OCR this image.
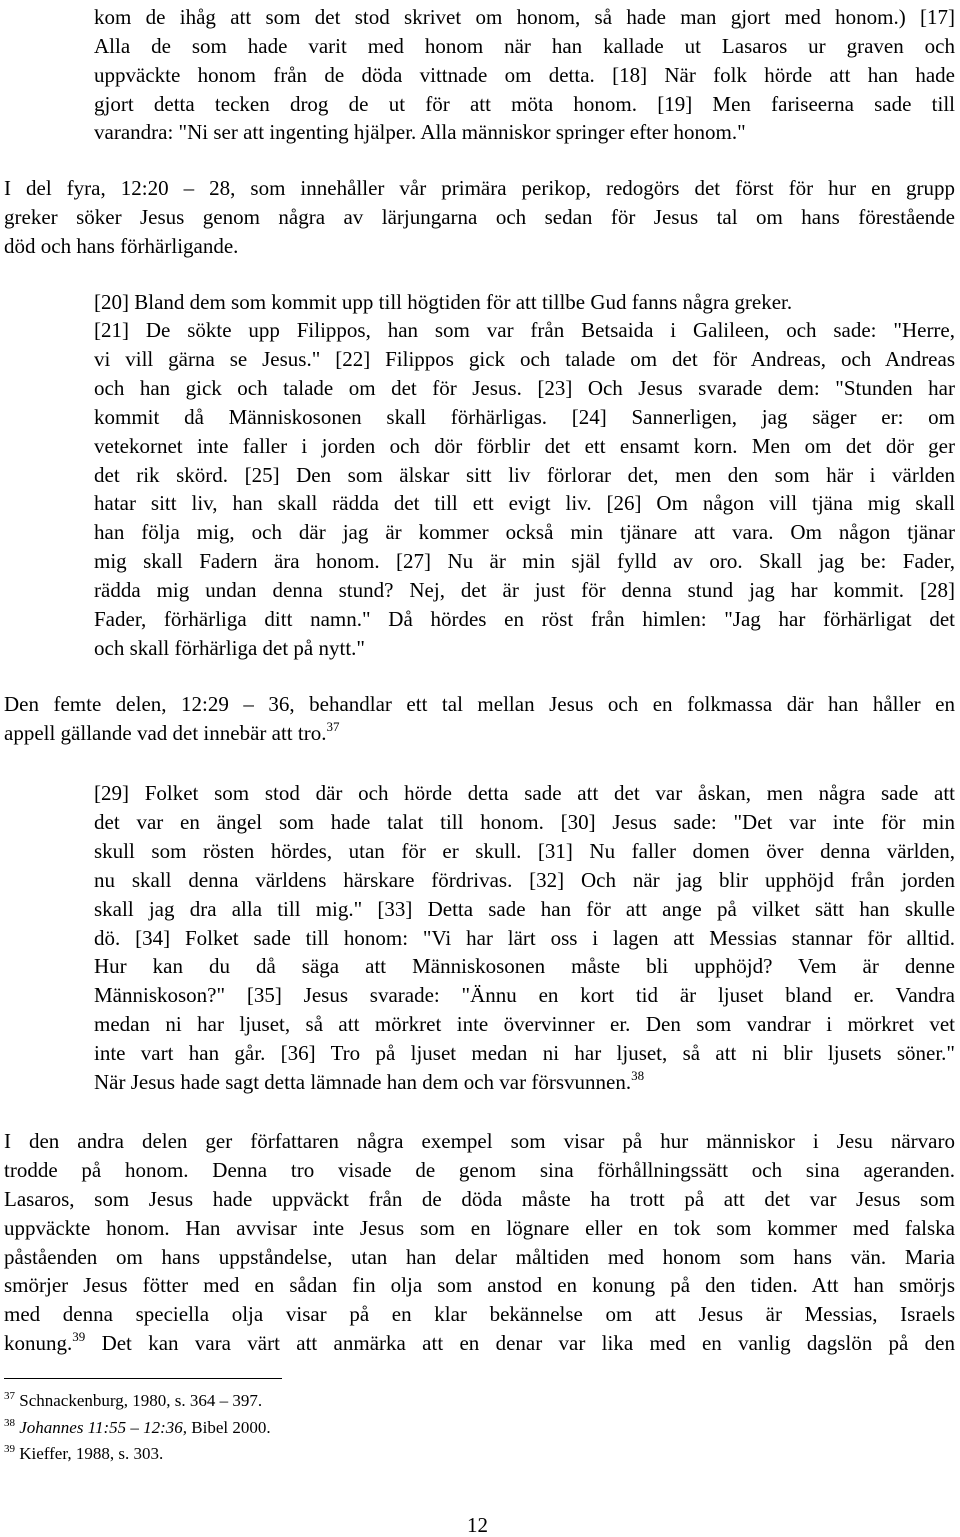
kom de ihåg att som det stod skrivet om honom, så hade man gjort med honom.) [17]
Alla de som hade varit med honom när han kallade ut Lasaros ur graven och
uppväckte honom från de döda vittnade om detta. [18] När folk hörde att han hade
gjort detta tecken drog de ut för att möta honom. [19] Men fariseerna sade till
varandra: "Ni ser att ingenting hjälper. Alla människor springer efter honom."
I del fyra, 12:20 – 28, som innehåller vår primära perikop, redogörs det först för hur en grupp
greker söker Jesus genom några av lärjungarna och sedan för Jesus tal om hans förestående
död och hans förhärligande.
[20] Bland dem som kommit upp till högtiden för att tillbe Gud fanns några greker.
[21] De sökte upp Filippos, han som var från Betsaida i Galileen, och sade: "Herre,
vi vill gärna se Jesus." [22] Filippos gick och talade om det för Andreas, och Andreas
och han gick och talade om det för Jesus. [23] Och Jesus svarade dem: "Stunden har
kommit då Människosonen skall förhärligas. [24] Sannerligen, jag säger er: om
vetekornet inte faller i jorden och dör förblir det ett ensamt korn. Men om det dör ger
det rik skörd. [25] Den som älskar sitt liv förlorar det, men den som här i världen
hatar sitt liv, han skall rädda det till ett evigt liv. [26] Om någon vill tjäna mig skall
han följa mig, och där jag är kommer också min tjänare att vara. Om någon tjänar
mig skall Fadern ära honom. [27] Nu är min själ fylld av oro. Skall jag be: Fader,
rädda mig undan denna stund? Nej, det är just för denna stund jag har kommit. [28]
Fader, förhärliga ditt namn." Då hördes en röst från himlen: "Jag har förhärligat det
och skall förhärliga det på nytt."
Den femte delen, 12:29 – 36, behandlar ett tal mellan Jesus och en folkmassa där han håller en
appell gällande vad det innebär att tro.$^{37}$
[29] Folket som stod där och hörde detta sade att det var åskan, men några sade att
det var en ängel som hade talat till honom. [30] Jesus sade: "Det var inte för min
skull som rösten hördes, utan för er skull. [31] Nu faller domen över denna världen,
nu skall denna världens härskare fördrivas. [32] Och när jag blir upphöjd från jorden
skall jag dra alla till mig." [33] Detta sade han för att ange på vilket sätt han skulle
dö. [34] Folket sade till honom: "Vi har lärt oss i lagen att Messias stannar för alltid.
Hur kan du då säga att Människosonen måste bli upphöjd? Vem är denne
Människoson?" [35] Jesus svarade: "Ännu en kort tid är ljuset bland er. Vandra
medan ni har ljuset, så att mörkret inte övervinner er. Den som vandrar i mörkret vet
inte vart han går. [36] Tro på ljuset medan ni har ljuset, så att ni blir ljusets söner."
När Jesus hade sagt detta lämnade han dem och var försvunnen.$^{38}$
I den andra delen ger författaren några exempel som visar på hur människor i Jesu närvaro
trodde på honom. Denna tro visade de genom sina förhållningssätt och sina ageranden.
Lasaros, som Jesus hade uppväckt från de döda måste ha trott på att det var Jesus som
uppväckte honom. Han avvisar inte Jesus som en lögnare eller en tok som kommer med falska
påståenden om hans uppståndelse, utan han delar måltiden med honom som hans vän. Maria
smörjer Jesus fötter med en sådan fin olja som anstod en konung på den tiden. Att han smörjs
med denna speciella olja visar på en klar bekännelse om att Jesus är Messias, Israels
konung.$^{39}$ Det kan vara värt att anmärka att en denar var lika med en vanlig dagslön på den
$^{37}$ Schnackenburg, 1980, s. 364 – 397.
$^{38}$ Johannes 11:55 – 12:36, Bibel 2000.
$^{39}$ Kieffer, 1988, s. 303.
12
